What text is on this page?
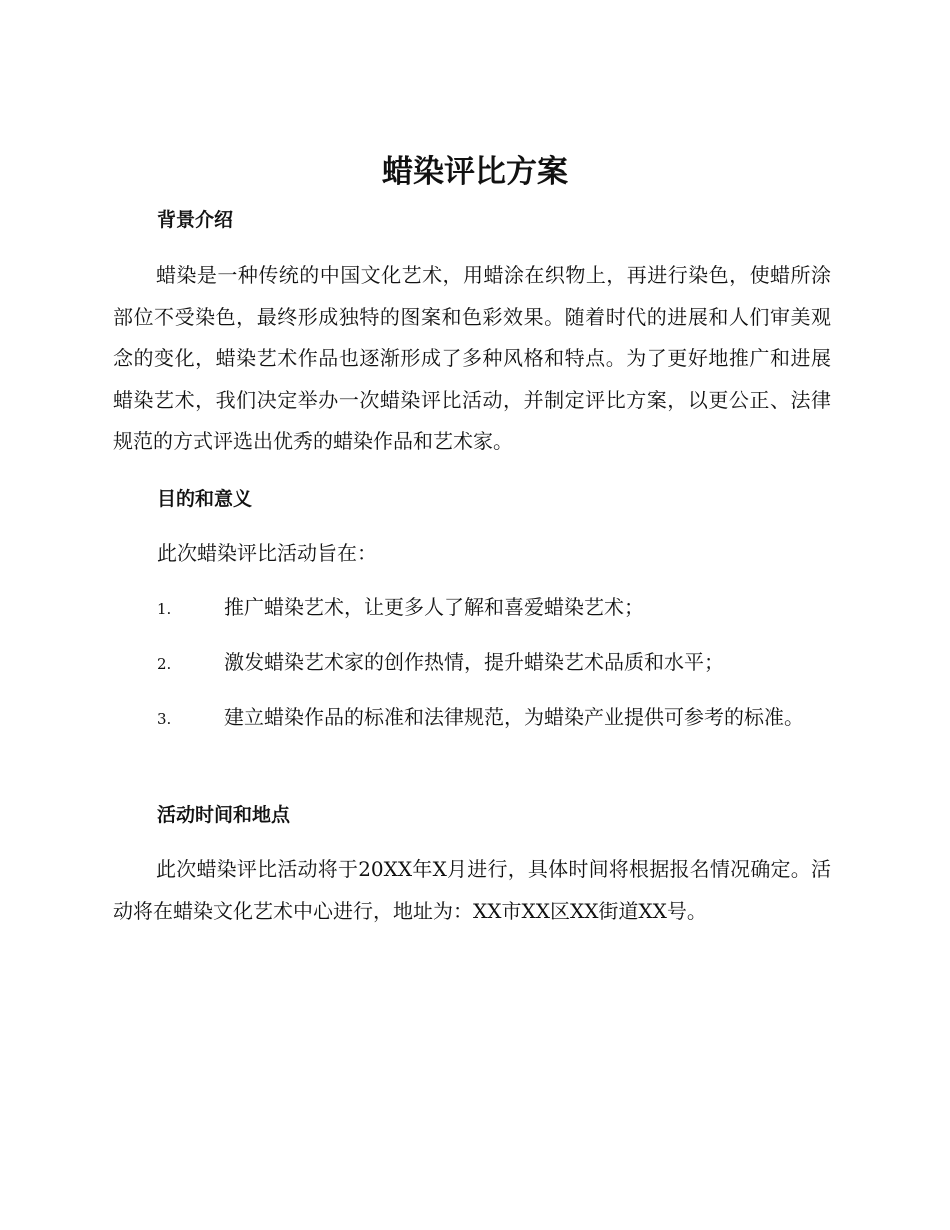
蜡染评比方案
背景介绍

蜡染是一种传统的中国文化艺术，用蜡涂在织物上，再进行染色，使蜡所涂部位不受染色，最终形成独特的图案和色彩效果。随着时代的进展和人们审美观念的变化，蜡染艺术作品也逐渐形成了多种风格和特点。为了更好地推广和进展蜡染艺术，我们决定举办一次蜡染评比活动，并制定评比方案，以更公正、法律规范的方式评选出优秀的蜡染作品和艺术家。

目的和意义

此次蜡染评比活动旨在：

1.	推广蜡染艺术，让更多人了解和喜爱蜡染艺术；

2.	激发蜡染艺术家的创作热情，提升蜡染艺术品质和水平；

3.	建立蜡染作品的标准和法律规范，为蜡染产业提供可参考的标准。

活动时间和地点

此次蜡染评比活动将于20XX年X月进行，具体时间将根据报名情况确定。活动将在蜡染文化艺术中心进行，地址为：XX市XX区XX街道XX号。
